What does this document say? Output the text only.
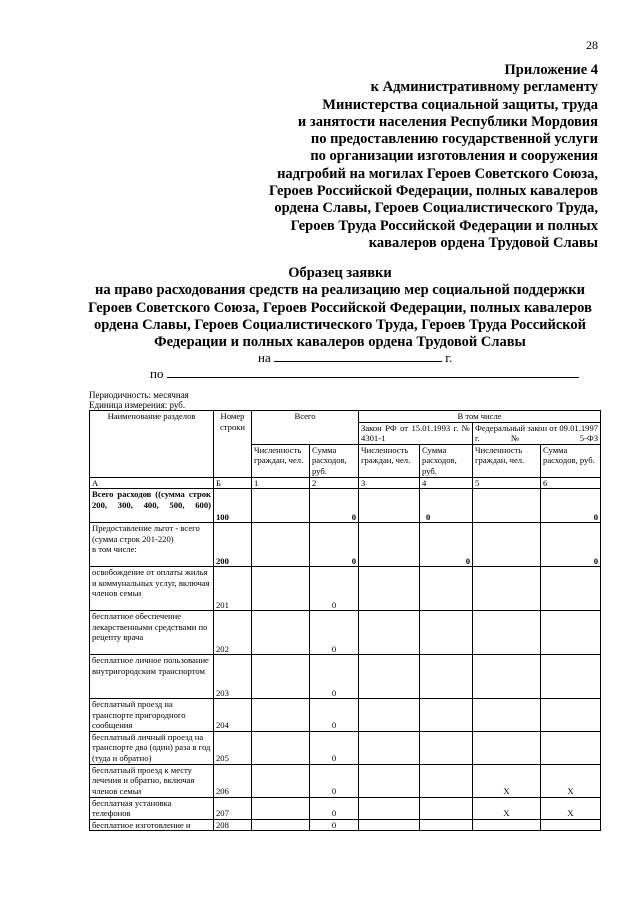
28
Приложение 4
к Административному регламенту
Министерства социальной защиты, труда
и занятости населения Республики Мордовия
по предоставлению государственной услуги
по организации изготовления и сооружения
надгробий на могилах Героев Советского Союза,
Героев Российской Федерации, полных кавалеров
ордена Славы, Героев Социалистического Труда,
Героев Труда Российской Федерации и полных
кавалеров ордена Трудовой Славы
Образец заявки
на право расходования средств на реализацию мер социальной поддержки
Героев Советского Союза, Героев Российской Федерации, полных кавалеров
ордена Славы, Героев Социалистического Труда, Героев Труда Российской
Федерации и полных кавалеров ордена Трудовой Славы
на	г.
по
Периодичность: месячная
Единица измерения: руб.
Наименование разделов	Номер строки	Всего		В том числе			
				Закон РФ от 15.01.1993 г. № 4301-1		Федеральный закон от 09.01.1997 г. № 5-ФЗ	
		Численность граждан, чел.	Сумма расходов, руб.	Численность граждан, чел.	Сумма расходов, руб.	Численность граждан, чел.	Сумма расходов, руб.
А	Б	1	2	3	4	5	6
Всего расходов ((сумма строк 200, 300, 400, 500, 600)	100		0		0		0

Предоставление льгот - всего (сумма строк 201-220)
в том числе:	200		0		0		0
освобождение от оплаты жилья и коммунальных услуг, включая членов семьи	201		0				
бесплатное обеспечение лекарственными средствами по рецепту врача	202		0				
бесплатное личное пользование внутригородским транспортом	203		0				
бесплатный проезд на транспорте пригородного сообщения	204		0				
бесплатный личный проезд на транспорте два (один) раза в год (туда и обратно)	205		0				
бесплатный проезд к месту лечения и обратно, включая членов семьи	206		0			Х	Х
бесплатная установка телефонов	207		0			Х	Х
бесплатное изготовление и	208		0				
